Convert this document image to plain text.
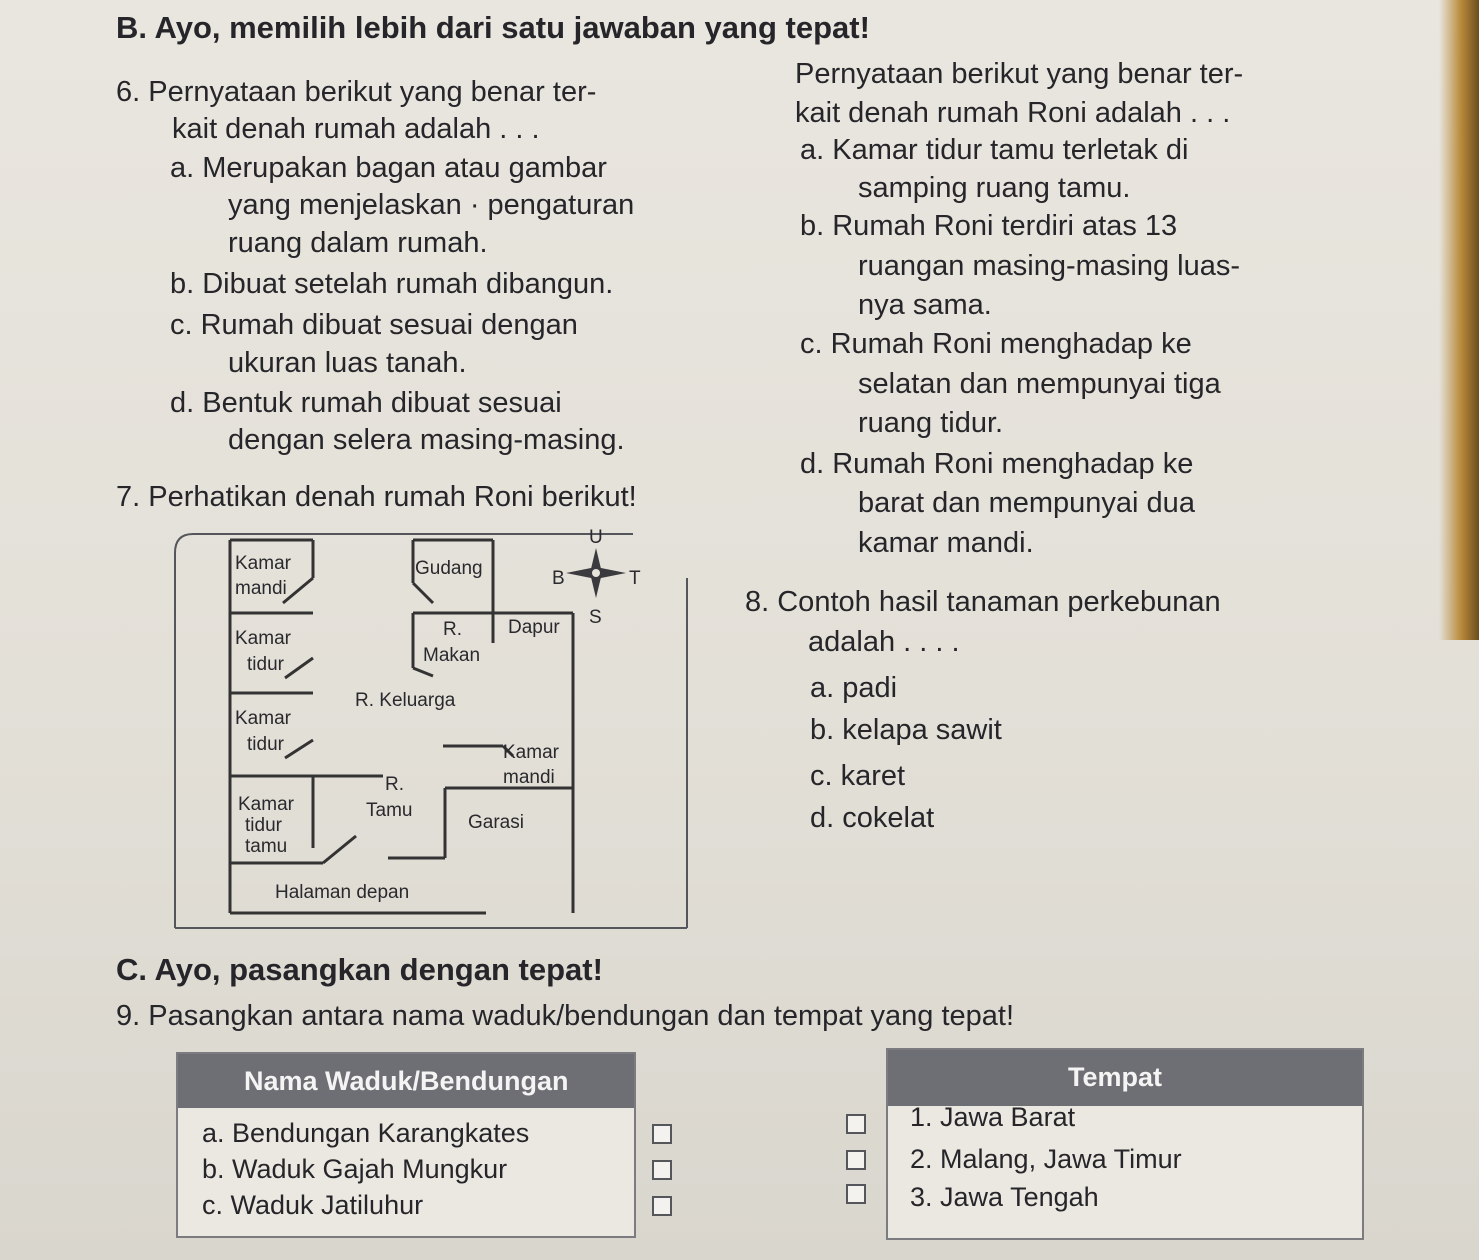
B. Ayo, memilih lebih dari satu jawaban yang tepat!
6. Pernyataan berikut yang benar ter-
kait denah rumah adalah . . .
a. Merupakan bagan atau gambar
yang menjelaskan · pengaturan
ruang dalam rumah.
b. Dibuat setelah rumah dibangun.
c. Rumah dibuat sesuai dengan
ukuran luas tanah.
d. Bentuk rumah dibuat sesuai
dengan selera masing-masing.
7. Perhatikan denah rumah Roni berikut!
Pernyataan berikut yang benar ter-
kait denah rumah Roni adalah . . .
a. Kamar tidur tamu terletak di
samping ruang tamu.
b. Rumah Roni terdiri atas 13
ruangan masing-masing luas-
nya sama.
c. Rumah Roni menghadap ke
selatan dan mempunyai tiga
ruang tidur.
d. Rumah Roni menghadap ke
barat dan mempunyai dua
kamar mandi.
Kamar
mandi
Gudang
Kamar
tidur
R.
Makan
Dapur
R. Keluarga
Kamar
tidur	Kamar
mandi
R.
Tamu
Kamar
tidur
tamu
Garasi
Halaman depan
U
S
T
B
8. Contoh hasil tanaman perkebunan
adalah . . . .
a. padi
b. kelapa sawit
c. karet
d. cokelat
C. Ayo, pasangkan dengan tepat!
9. Pasangkan antara nama waduk/bendungan dan tempat yang tepat!
Nama Waduk/Bendungan
a. Bendungan Karangkates
b. Waduk Gajah Mungkur
c. Waduk Jatiluhur
Tempat
1. Jawa Barat
2. Malang, Jawa Timur
3. Jawa Tengah
